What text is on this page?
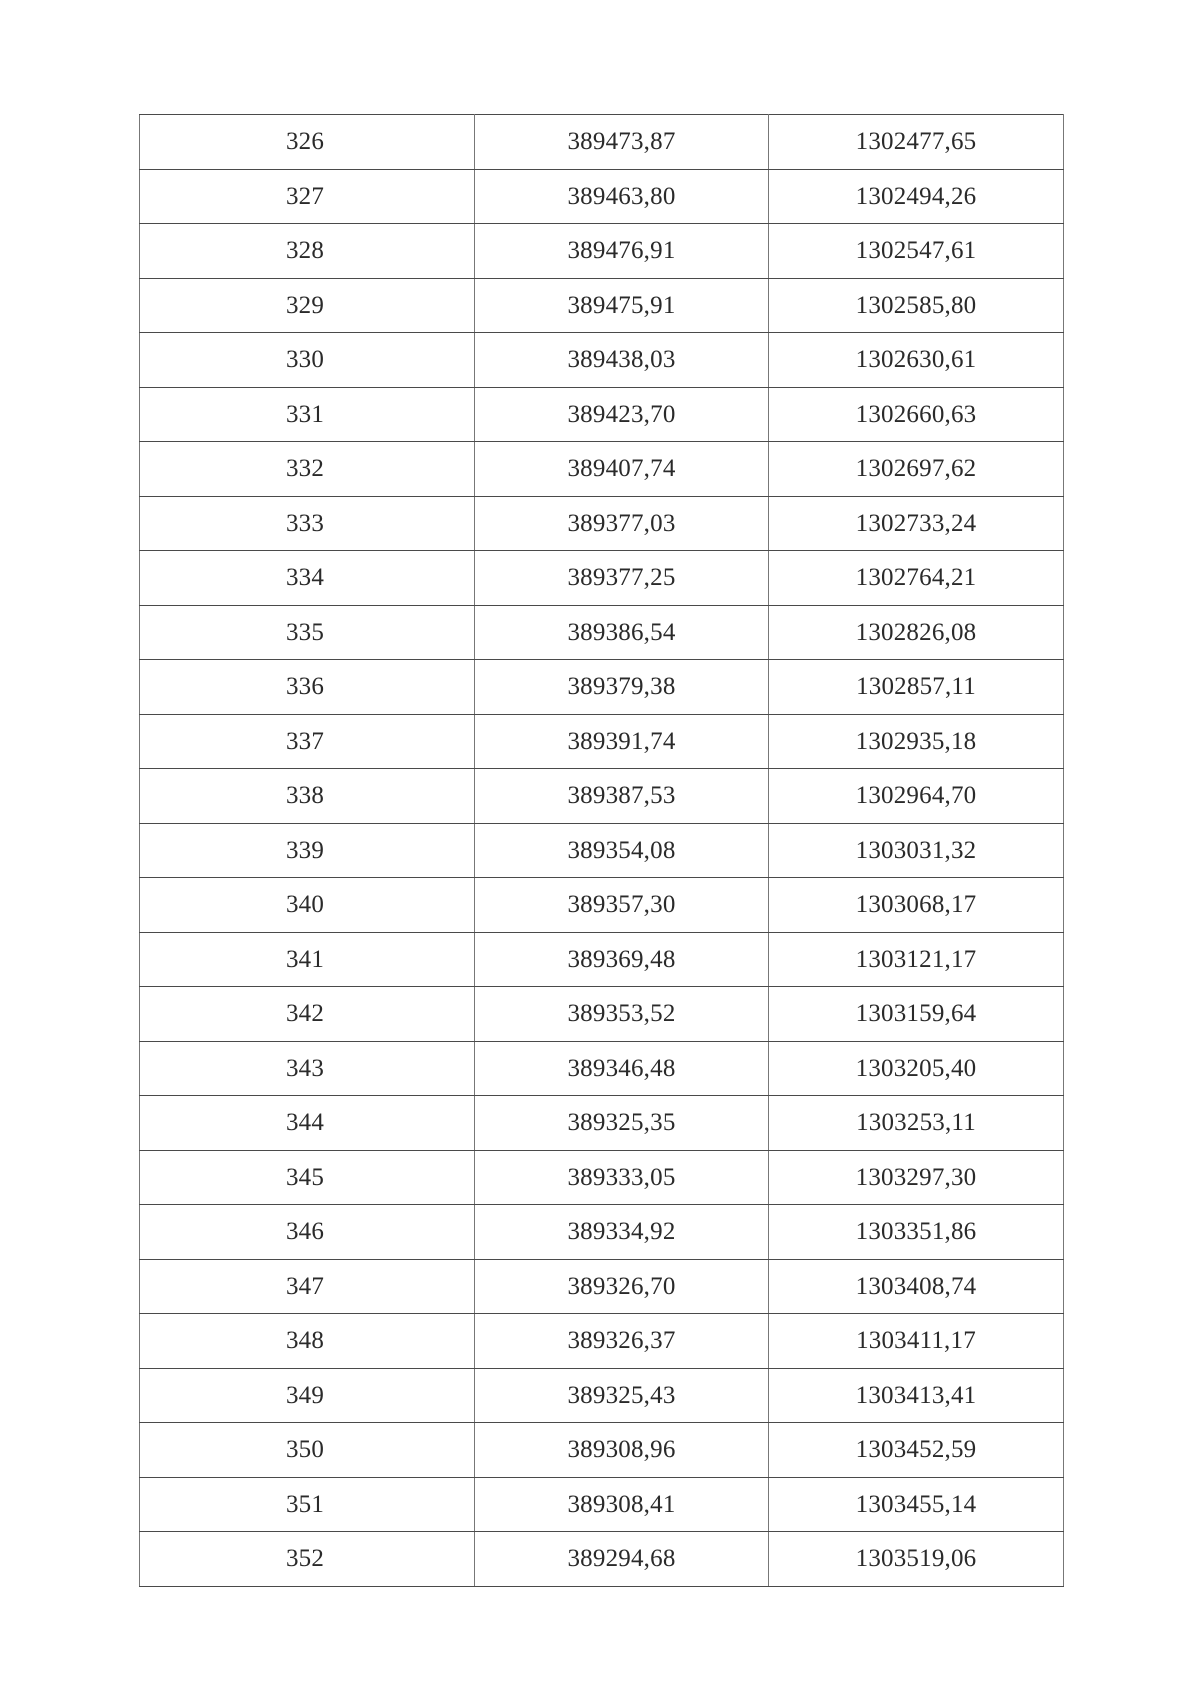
326	389473,87	1302477,65
327	389463,80	1302494,26
328	389476,91	1302547,61
329	389475,91	1302585,80
330	389438,03	1302630,61
331	389423,70	1302660,63
332	389407,74	1302697,62
333	389377,03	1302733,24
334	389377,25	1302764,21
335	389386,54	1302826,08
336	389379,38	1302857,11
337	389391,74	1302935,18
338	389387,53	1302964,70
339	389354,08	1303031,32
340	389357,30	1303068,17
341	389369,48	1303121,17
342	389353,52	1303159,64
343	389346,48	1303205,40
344	389325,35	1303253,11
345	389333,05	1303297,30
346	389334,92	1303351,86
347	389326,70	1303408,74
348	389326,37	1303411,17
349	389325,43	1303413,41
350	389308,96	1303452,59
351	389308,41	1303455,14
352	389294,68	1303519,06
